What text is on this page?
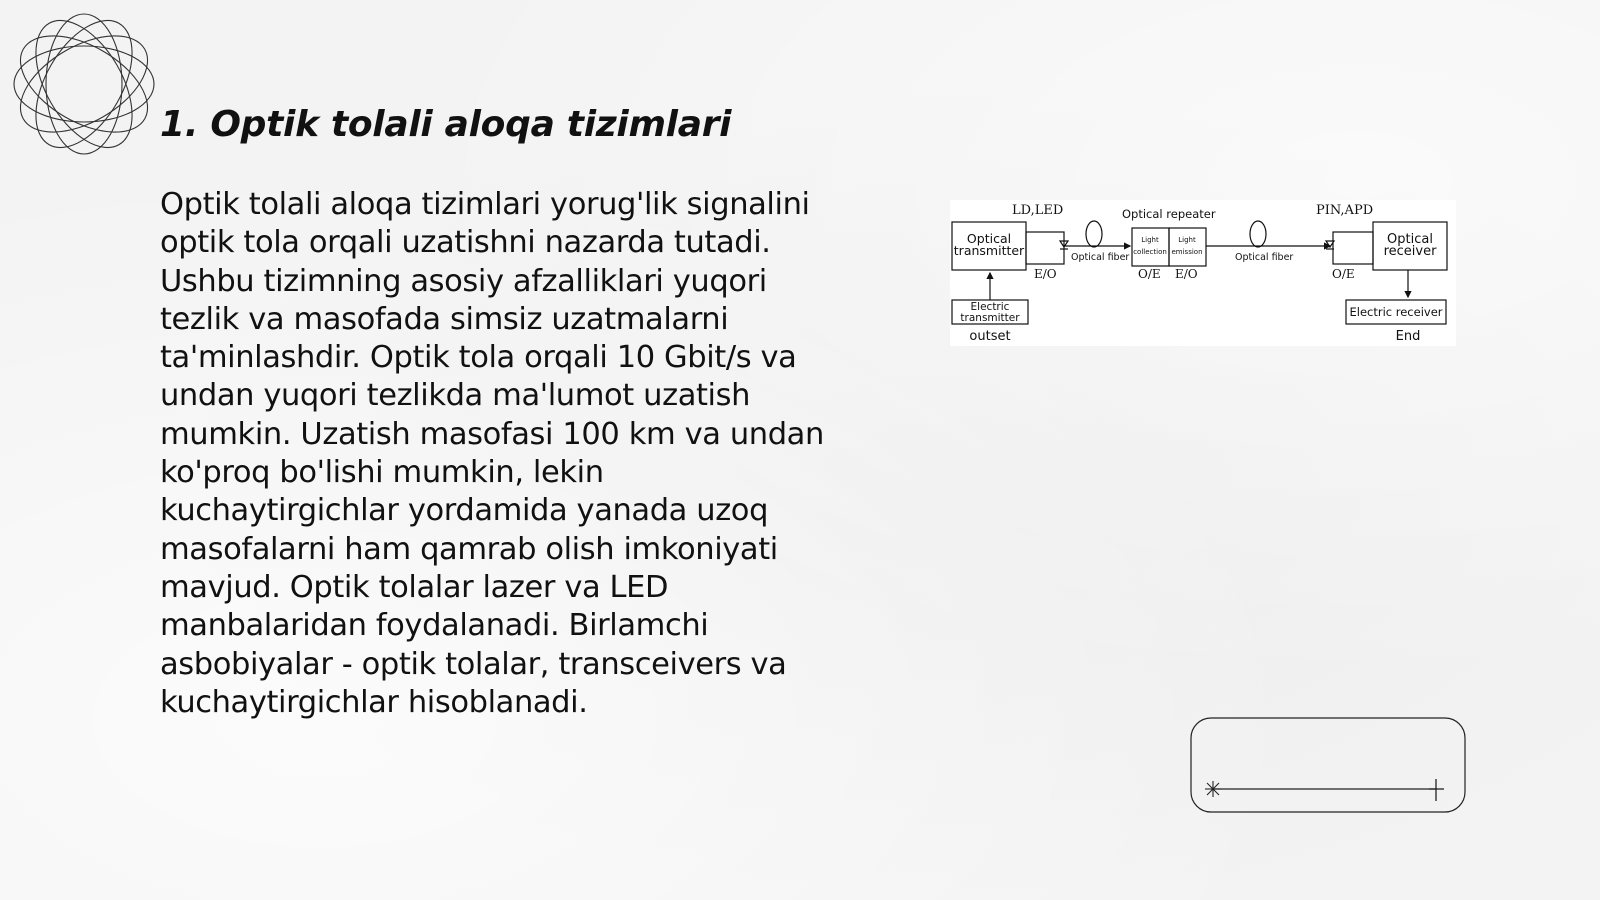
1. Optik tolali aloqa tizimlari

Optik tolali aloqa tizimlari yorug'lik signalini optik tola orqali uzatishni nazarda tutadi. Ushbu tizimning asosiy afzalliklari yuqori tezlik va masofada simsiz uzatmalarni ta'minlashdir. Optik tola orqali 10 Gbit/s va undan yuqori tezlikda ma'lumot uzatish mumkin. Uzatish masofasi 100 km va undan ko'proq bo'lishi mumkin, lekin kuchaytirgichlar yordamida yanada uzoq masofalarni ham qamrab olish imkoniyati mavjud. Optik tolalar lazer va LED manbalaridan foydalanadi. Birlamchi asbobiyalar - optik tolalar, transceivers va kuchaytirgichlar hisoblanadi.

LD,LED	Optical repeater	PIN,APD
Optical
transmitter
Optical
receiver
Optical fiber	Optical fiber
Light
collection
Light
emission
E/O	O/E E/O	O/E
Electric
transmitter	Electric receiver
outset	End
